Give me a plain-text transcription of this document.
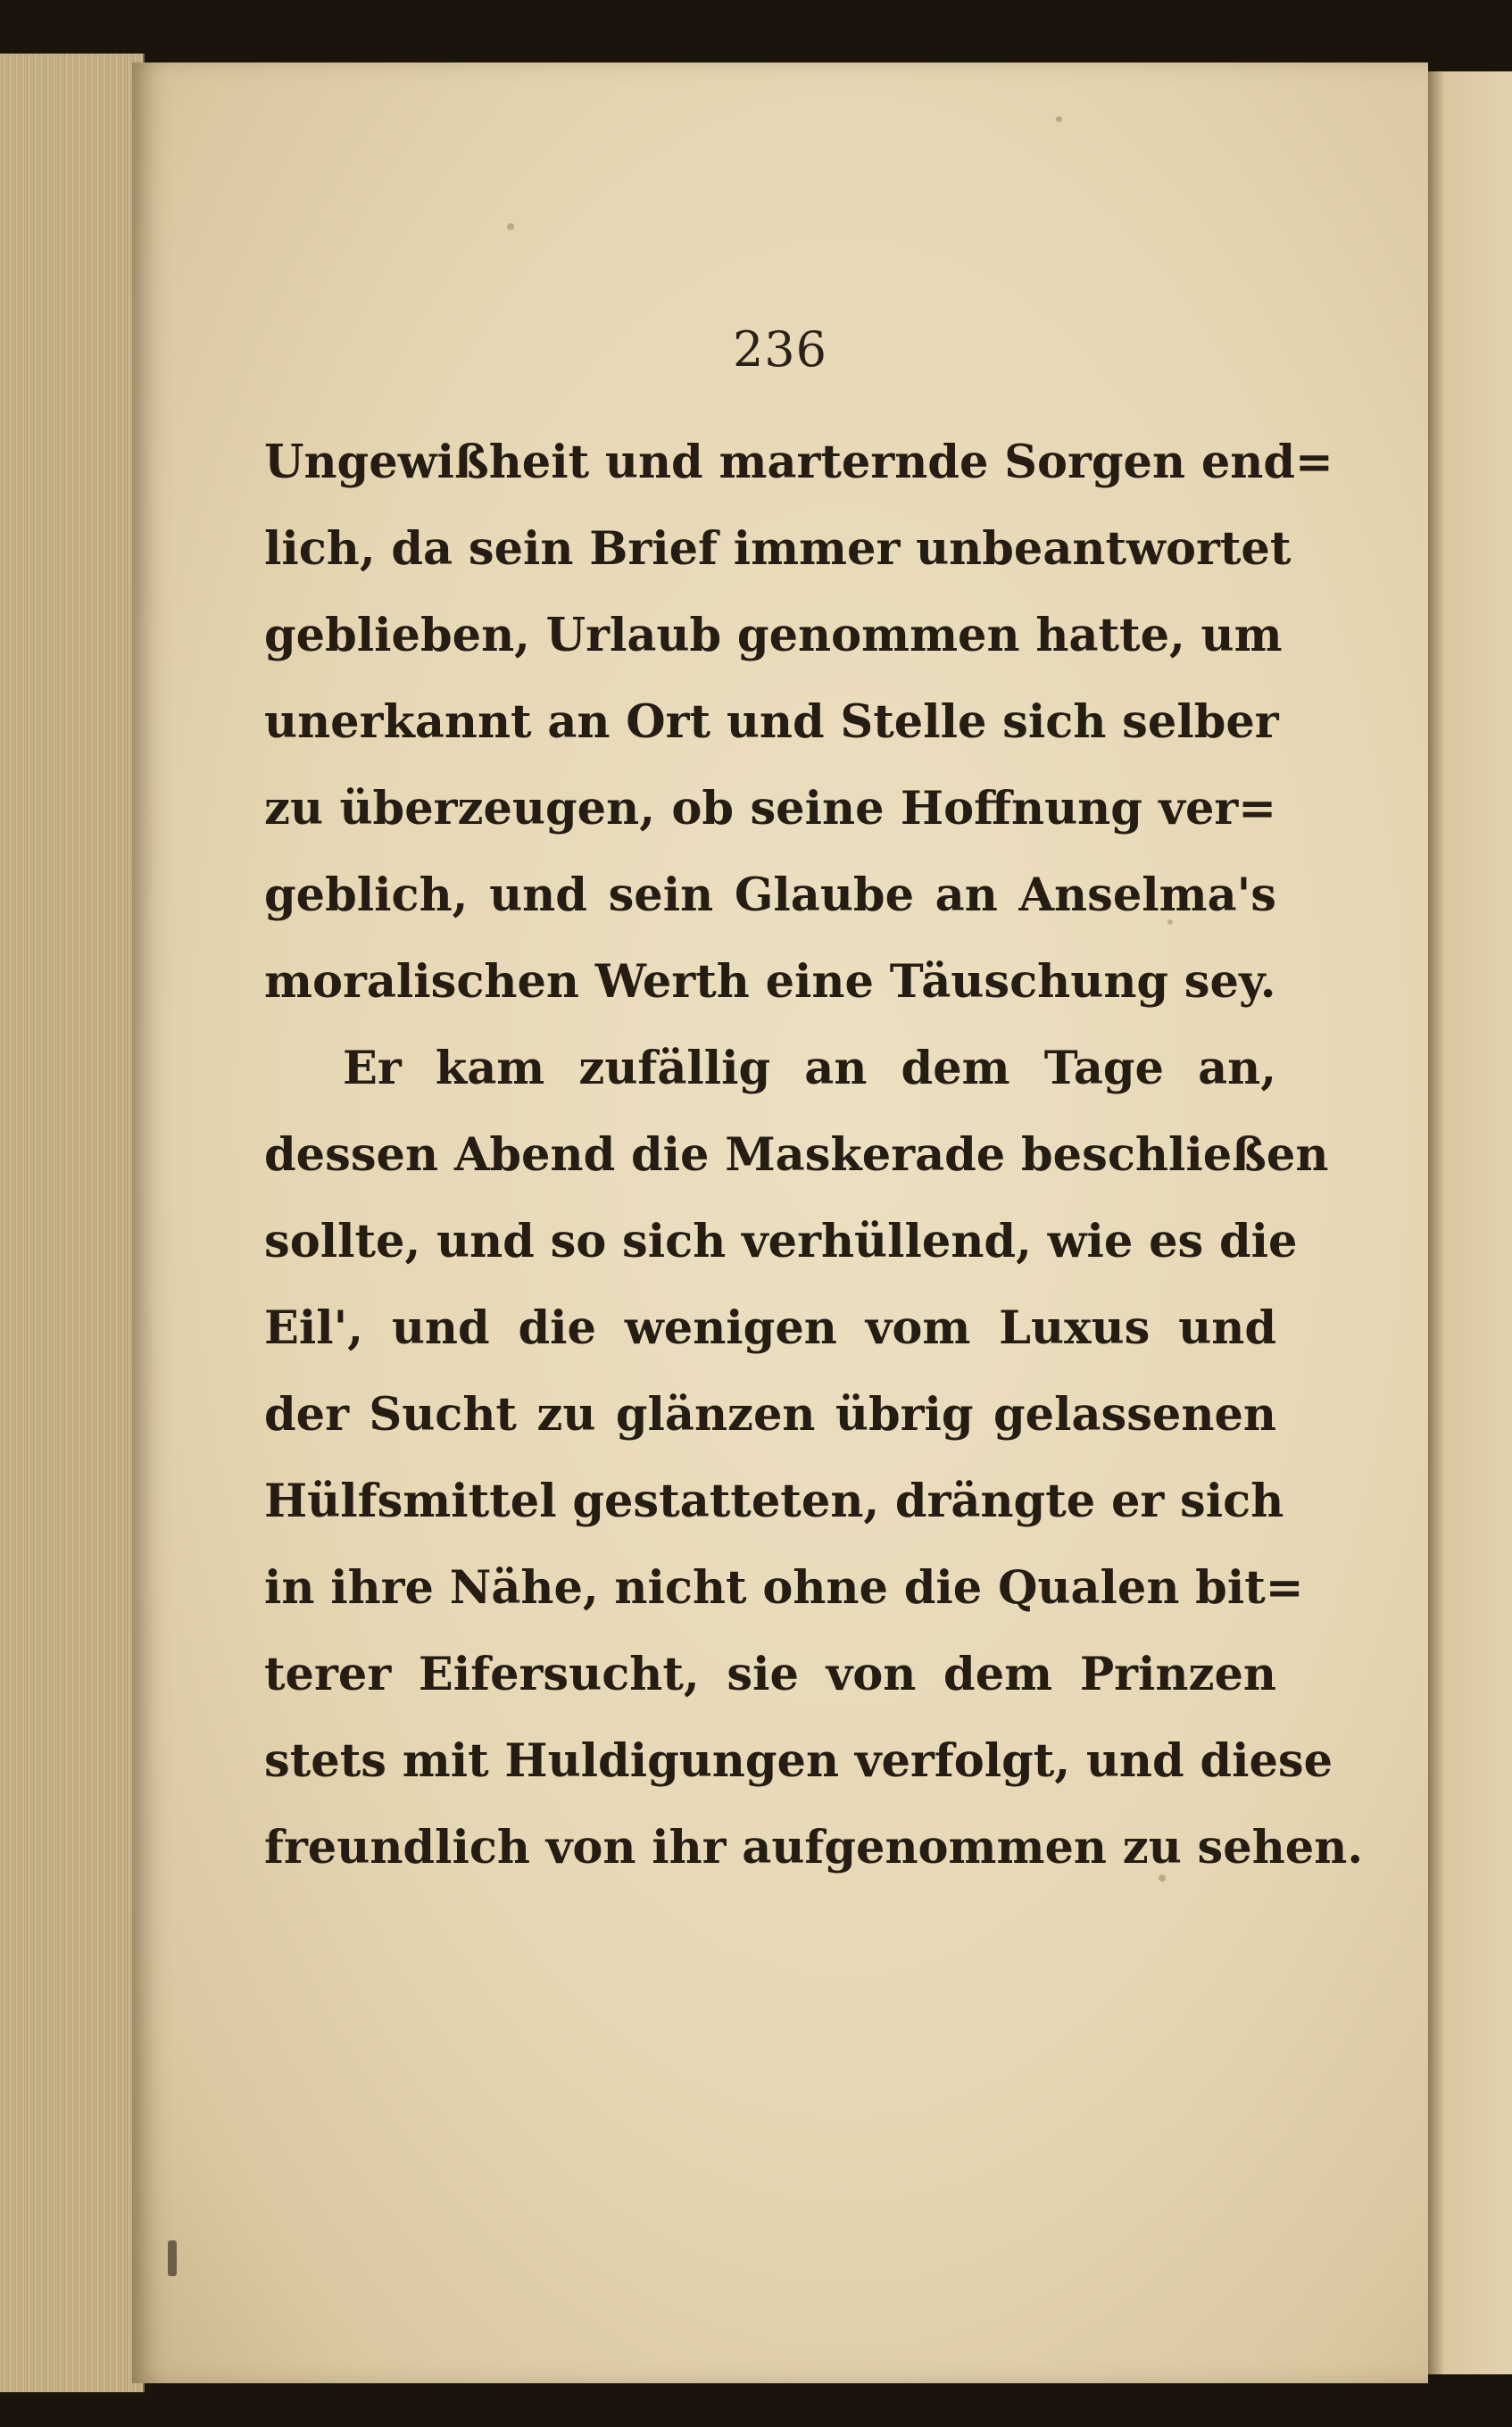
236
Ungewißheit und marternde Sorgen end=
lich, da sein Brief immer unbeantwortet
geblieben, Urlaub genommen hatte, um
unerkannt an Ort und Stelle sich selber
zu überzeugen, ob seine Hoffnung ver=
geblich, und sein Glaube an Anselma's
moralischen Werth eine Täuschung sey.
Er kam zufällig an dem Tage an,
dessen Abend die Maskerade beschließen
sollte, und so sich verhüllend, wie es die
Eil', und die wenigen vom Luxus und
der Sucht zu glänzen übrig gelassenen
Hülfsmittel gestatteten, drängte er sich
in ihre Nähe, nicht ohne die Qualen bit=
terer Eifersucht, sie von dem Prinzen
stets mit Huldigungen verfolgt, und diese
freundlich von ihr aufgenommen zu sehen.
